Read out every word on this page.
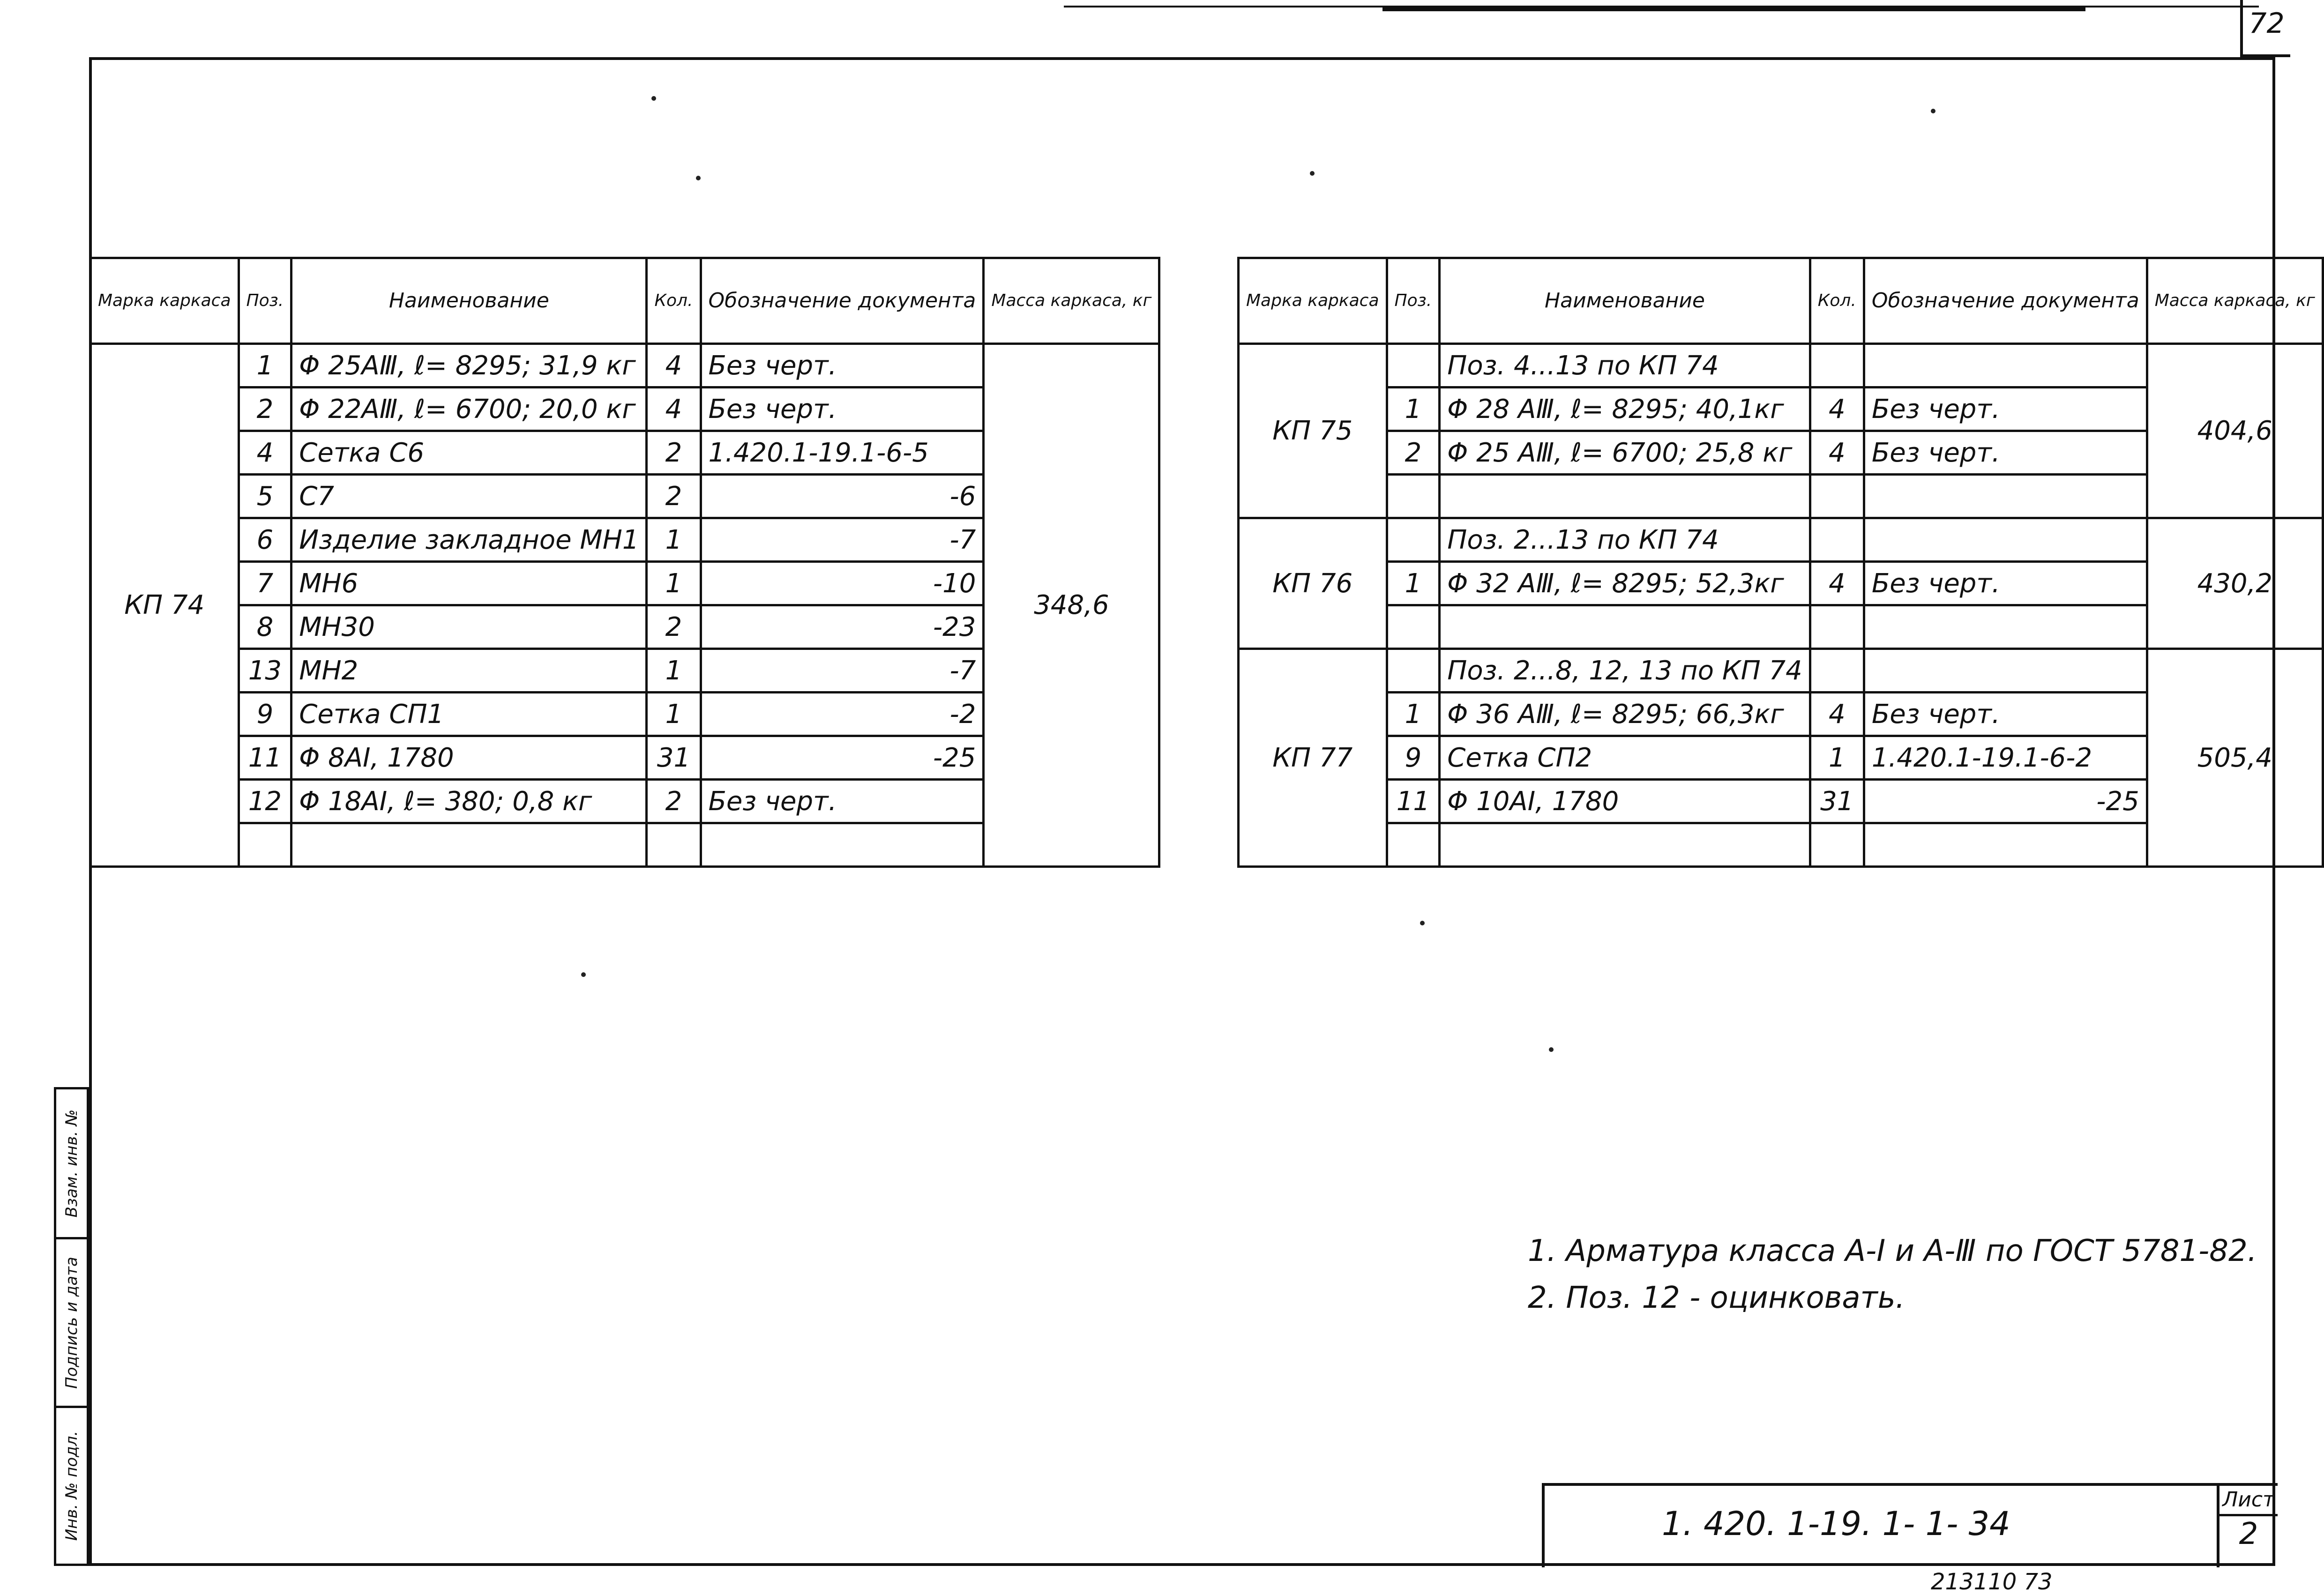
72
Марка каркаса	Поз.	Наименование	Кол.	Обозначение документа	Масса каркаса, кг
КП 74	1	Φ 25АⅢ, ℓ= 8295; 31,9 кг	4	Без черт.	348,6
	2	Φ 22АⅢ, ℓ= 6700; 20,0 кг	4	Без черт.	
	4	Сетка С6	2	1.420.1-19.1-6-5	
	5	С7	2	-6	
	6	Изделие закладное МН1	1	-7	
	7	МН6	1	-10	
	8	МН30	2	-23	
	13	МН2	1	-7	
	9	Сетка СП1	1	-2	
	11	Φ 8АI, 1780	31	-25	
	12	Φ 18АI, ℓ= 380; 0,8 кг	2	Без черт.	

Марка каркаса	Поз.	Наименование	Кол.	Обозначение документа	Масса каркаса, кг
КП 75		Поз. 4...13 по КП 74			404,6
	1	Φ 28 АⅢ, ℓ= 8295; 40,1кг	4	Без черт.	
	2	Φ 25 АⅢ, ℓ= 6700; 25,8 кг	4	Без черт.	

КП 76		Поз. 2...13 по КП 74			430,2
	1	Φ 32 АⅢ, ℓ= 8295; 52,3кг	4	Без черт.	

КП 77		Поз. 2...8, 12, 13 по КП 74			505,4
	1	Φ 36 АⅢ, ℓ= 8295; 66,3кг	4	Без черт.	
	9	Сетка СП2	1	1.420.1-19.1-6-2	
	11	Φ 10АI, 1780	31	-25	

1. Арматура класса А-I и А-Ⅲ по ГОСТ 5781-82.
2. Поз. 12 - оцинковать.
1. 420. 1-19. 1- 1- 34
Лист
2
213110 73
Взам. инв. №
Подпись и дата
Инв. № подл.
